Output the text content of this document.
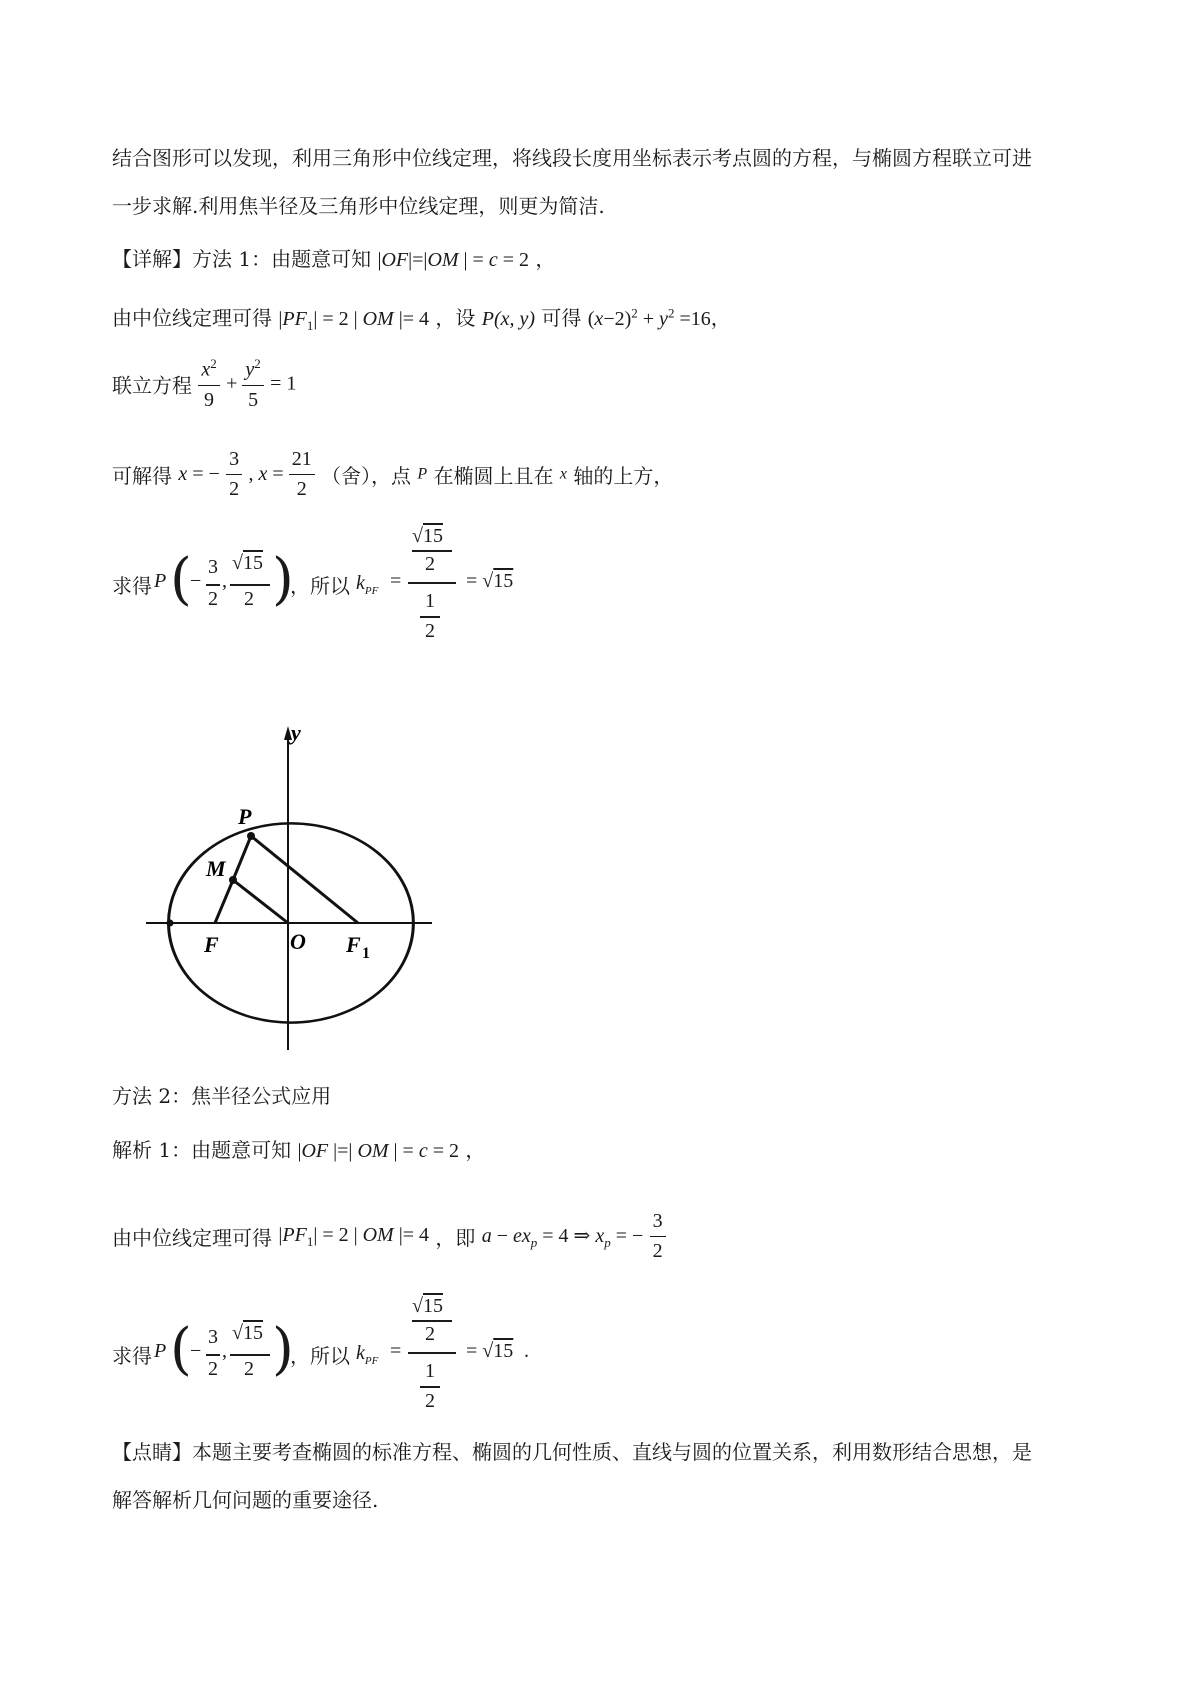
结合图形可以发现，利用三角形中位线定理，将线段长度用坐标表示考点圆的方程，与椭圆方程联立可进
一步求解.利用焦半径及三角形中位线定理，则更为简洁.
【详解】方法 1：由题意可知 |OF|=|OM | = c = 2 ，
由中位线定理可得 $|PF_1| = 2$ | OM |= 4 ，设 P(x, y) 可得 $(x-2)^2 + y^2 =16$，
联立方程 $\frac{x^2}{9} + \frac{y^2}{5} = 1$
可解得 x = − $\frac{3}{2}$ , $x = \frac{21}{2}$ （舍），点 P 在椭圆上且在 x 轴的上方，
求得 P (
−
3
2
,
√15
2 )
，所以 $k_{PF}$ =
√15
2
1
2
= √15
y
P
M
F	O F 1
方法 2：焦半径公式应用
解析 1：由题意可知 |OF |=| OM | = c = 2 ，
由中位线定理可得 $|PF_1| = 2$ | OM |= 4 ，即 $a - ex_p = 4$ ⇒ $x_p$ = − $\frac{3}{2}$
求得 P (
−
3
2
,
√15
2 )
，所以 $k_{PF}$ =
√15
2
1
2
= √15 .
【点睛】本题主要考查椭圆的标准方程、椭圆的几何性质、直线与圆的位置关系，利用数形结合思想，是
解答解析几何问题的重要途径.
